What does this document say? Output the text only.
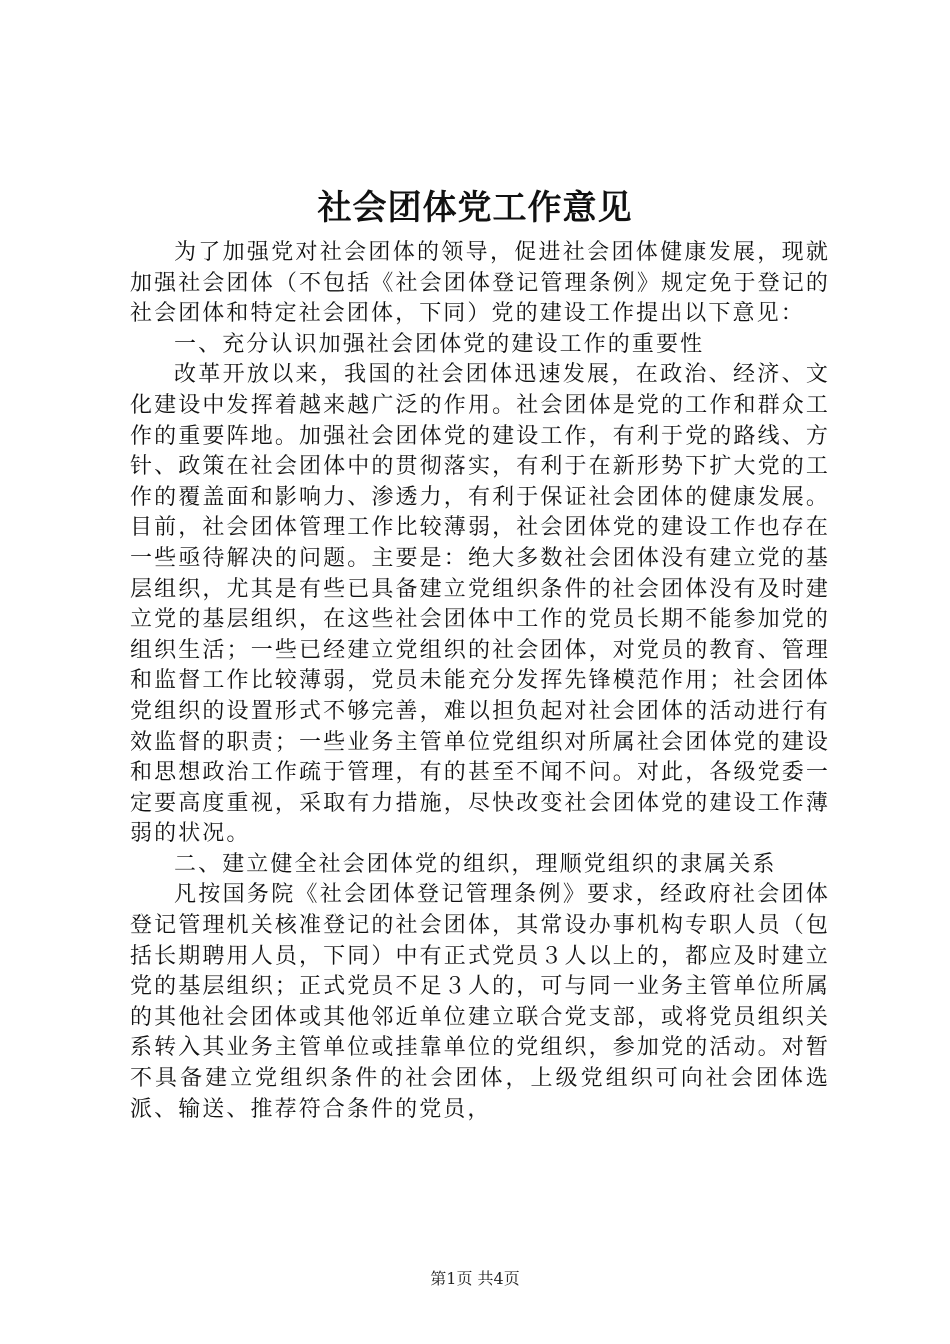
社会团体党工作意见

为了加强党对社会团体的领导，促进社会团体健康发展，现就加强社会团体（不包括《社会团体登记管理条例》规定免于登记的社会团体和特定社会团体，下同）党的建设工作提出以下意见：

一、充分认识加强社会团体党的建设工作的重要性

改革开放以来，我国的社会团体迅速发展，在政治、经济、文化建设中发挥着越来越广泛的作用。社会团体是党的工作和群众工作的重要阵地。加强社会团体党的建设工作，有利于党的路线、方针、政策在社会团体中的贯彻落实，有利于在新形势下扩大党的工作的覆盖面和影响力、渗透力，有利于保证社会团体的健康发展。目前，社会团体管理工作比较薄弱，社会团体党的建设工作也存在一些亟待解决的问题。主要是：绝大多数社会团体没有建立党的基层组织，尤其是有些已具备建立党组织条件的社会团体没有及时建立党的基层组织，在这些社会团体中工作的党员长期不能参加党的组织生活；一些已经建立党组织的社会团体，对党员的教育、管理和监督工作比较薄弱，党员未能充分发挥先锋模范作用；社会团体党组织的设置形式不够完善，难以担负起对社会团体的活动进行有效监督的职责；一些业务主管单位党组织对所属社会团体党的建设和思想政治工作疏于管理，有的甚至不闻不问。对此，各级党委一定要高度重视，采取有力措施，尽快改变社会团体党的建设工作薄弱的状况。

二、建立健全社会团体党的组织，理顺党组织的隶属关系

凡按国务院《社会团体登记管理条例》要求，经政府社会团体登记管理机关核准登记的社会团体，其常设办事机构专职人员（包括长期聘用人员，下同）中有正式党员３人以上的，都应及时建立党的基层组织；正式党员不足３人的，可与同一业务主管单位所属的其他社会团体或其他邻近单位建立联合党支部，或将党员组织关系转入其业务主管单位或挂靠单位的党组织，参加党的活动。对暂不具备建立党组织条件的社会团体，上级党组织可向社会团体选派、输送、推荐符合条件的党员，

第1页 共4页
